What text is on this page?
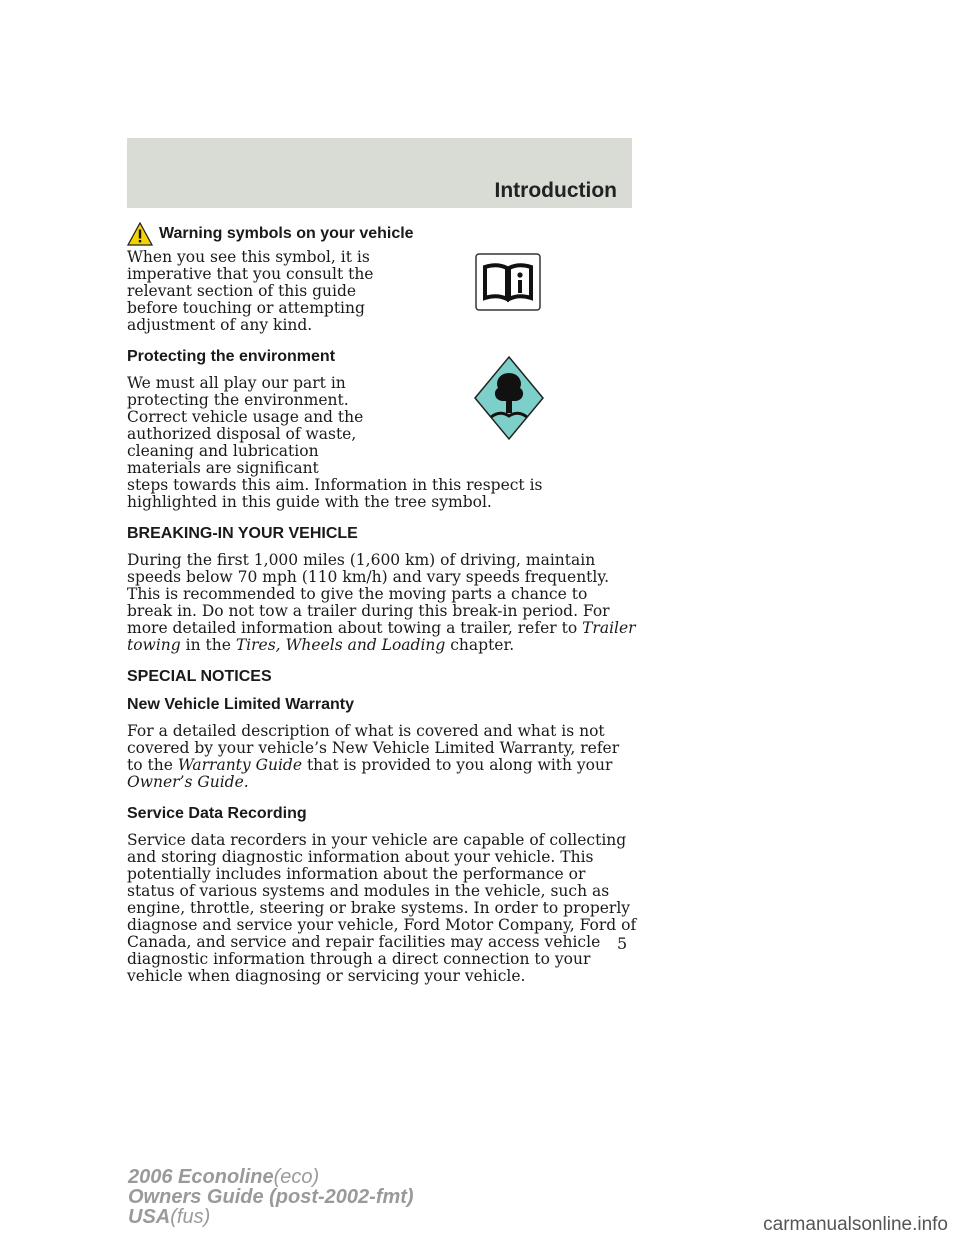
Introduction
Warning symbols on your vehicle

When you see this symbol, it is imperative that you consult the relevant section of this guide before touching or attempting adjustment of any kind.

Protecting the environment

We must all play our part in protecting the environment. Correct vehicle usage and the authorized disposal of waste, cleaning and lubrication materials are significant

steps towards this aim. Information in this respect is highlighted in this guide with the tree symbol.

BREAKING-IN YOUR VEHICLE

During the first 1,000 miles (1,600 km) of driving, maintain speeds below 70 mph (110 km/h) and vary speeds frequently. This is recommended to give the moving parts a chance to break in. Do not tow a trailer during this break-in period. For more detailed information about towing a trailer, refer to Trailer towing in the Tires, Wheels and Loading chapter.

SPECIAL NOTICES
New Vehicle Limited Warranty

For a detailed description of what is covered and what is not covered by your vehicle’s New Vehicle Limited Warranty, refer to the Warranty Guide that is provided to you along with your Owner’s Guide.

Service Data Recording

Service data recorders in your vehicle are capable of collecting and storing diagnostic information about your vehicle. This potentially includes information about the performance or status of various systems and modules in the vehicle, such as engine, throttle, steering or brake systems. In order to properly diagnose and service your vehicle, Ford Motor Company, Ford of Canada, and service and repair facilities may access vehicle diagnostic information through a direct connection to your vehicle when diagnosing or servicing your vehicle.

5
2006 Econoline(eco)
Owners Guide (post-2002-fmt)
USA(fus)	carmanualsonline.info
